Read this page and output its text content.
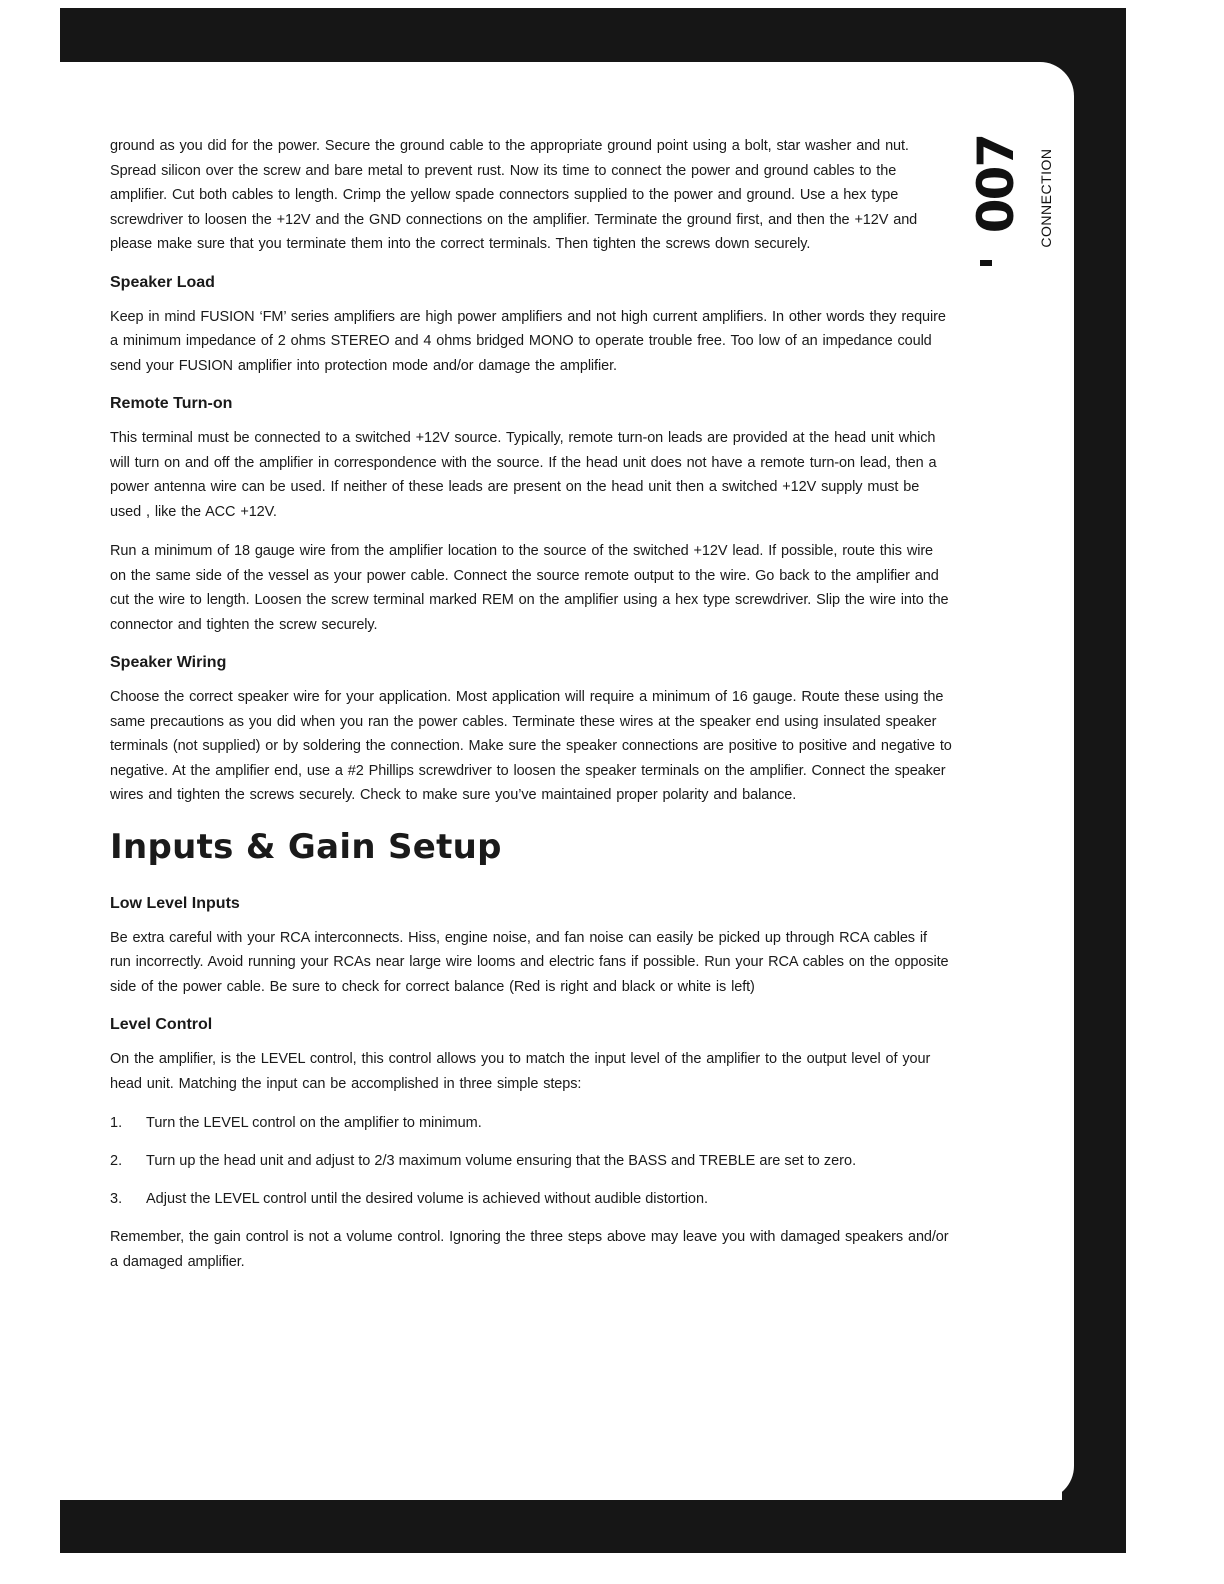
007 CONNECTION

ground as you did for the power. Secure the ground cable to the appropriate ground point using a bolt, star washer and nut. Spread silicon over the screw and bare metal to prevent rust. Now its time to connect the power and ground cables to the amplifier. Cut both cables to length. Crimp the yellow spade connectors supplied to the power and ground. Use a hex type screwdriver to loosen the +12V and the GND connections on the amplifier. Terminate the ground first, and then the +12V and please make sure that you terminate them into the correct terminals. Then tighten the screws down securely.

Speaker Load

Keep in mind FUSION ‘FM’ series amplifiers are high power amplifiers and not high current amplifiers. In other words they require a minimum impedance of 2 ohms STEREO and 4 ohms bridged MONO to operate trouble free. Too low of an impedance could send your FUSION amplifier into protection mode and/or damage the amplifier.

Remote Turn-on

This terminal must be connected to a switched +12V source. Typically, remote turn-on leads are provided at the head unit which will turn on and off the amplifier in correspondence with the source. If the head unit does not have a remote turn-on lead, then a power antenna wire can be used. If neither of these leads are present on the head unit then a switched +12V supply must be used , like the ACC +12V.

Run a minimum of 18 gauge wire from the amplifier location to the source of the switched +12V lead. If possible, route this wire on the same side of the vessel as your power cable. Connect the source remote output to the wire. Go back to the amplifier and cut the wire to length. Loosen the screw terminal marked REM on the amplifier using a hex type screwdriver. Slip the wire into the connector and tighten the screw securely.

Speaker Wiring

Choose the correct speaker wire for your application. Most application will require a minimum of 16 gauge. Route these using the same precautions as you did when you ran the power cables. Terminate these wires at the speaker end using insulated speaker terminals (not supplied) or by soldering the connection. Make sure the speaker connections are positive to positive and negative to negative. At the amplifier end, use a #2 Phillips screwdriver to loosen the speaker terminals on the amplifier. Connect the speaker wires and tighten the screws securely. Check to make sure you’ve maintained proper polarity and balance.

Inputs & Gain Setup
Low Level Inputs

Be extra careful with your RCA interconnects. Hiss, engine noise, and fan noise can easily be picked up through RCA cables if run incorrectly. Avoid running your RCAs near large wire looms and electric fans if possible. Run your RCA cables on the opposite side of the power cable. Be sure to check for correct balance (Red is right and black or white is left)

Level Control

On the amplifier, is the LEVEL control, this control allows you to match the input level of the amplifier to the output level of your head unit. Matching the input can be accomplished in three simple steps:

1.	Turn the LEVEL control on the amplifier to minimum.
2.	Turn up the head unit and adjust to 2/3 maximum volume ensuring that the BASS and TREBLE are set to zero.
3.	Adjust the LEVEL control until the desired volume is achieved without audible distortion.

Remember, the gain control is not a volume control. Ignoring the three steps above may leave you with damaged speakers and/or a damaged amplifier.
